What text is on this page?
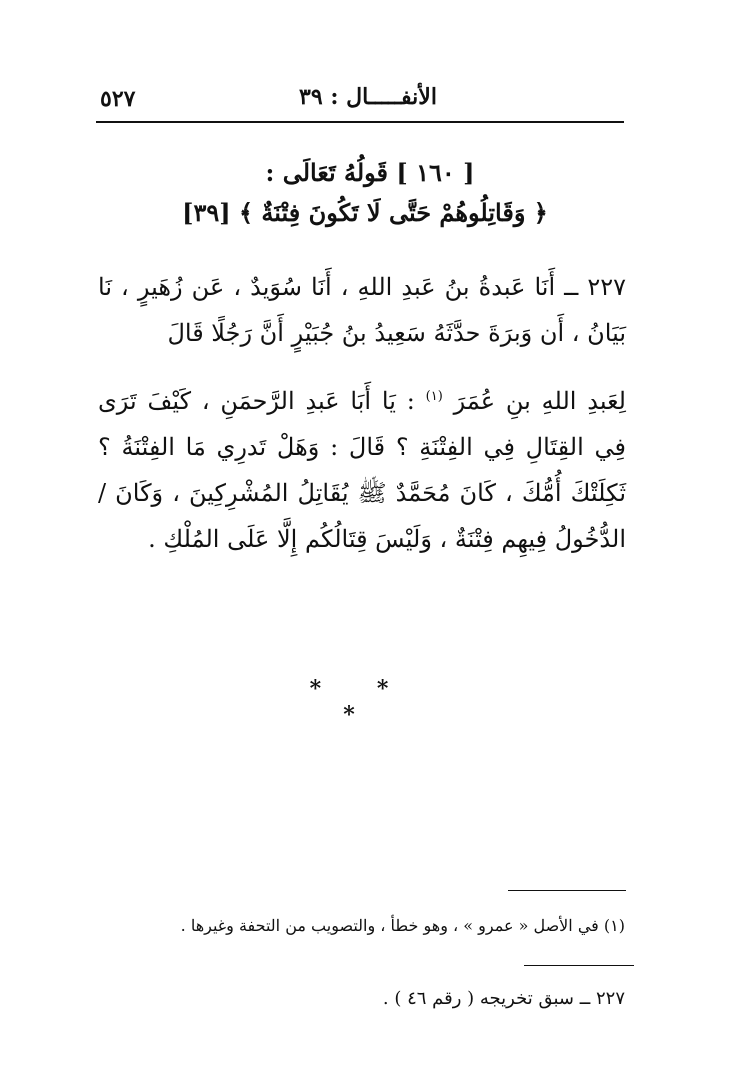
٥٢٧	الأنفـــــال : ٣٩
[ ١٦٠ ] قَولُهُ تَعَالَى :
﴿ وَقَاتِلُوهُمْ حَتَّى لَا تَكُونَ فِتْنَةٌ ﴾ [٣٩]
٢٢٧ ــ أَنَا عَبدةُ بنُ عَبدِ اللهِ ، أَنَا سُوَيدٌ ، عَن زُهَيرٍ ، نَا بَيَانُ ، أَن وَبرَةَ حدَّثَهُ سَعِيدُ بنُ جُبَيْرٍ أَنَّ رَجُلًا قَالَ
لِعَبدِ اللهِ بنِ عُمَرَ $^{(١)}$ : يَا أَبَا عَبدِ الرَّحمَنِ ، كَيْفَ تَرَى فِي القِتَالِ فِي الفِتْنَةِ ؟ قَالَ : وَهَلْ تَدرِي مَا الفِتْنَةُ ؟ ثَكِلَتْكَ أُمُّكَ ، كَانَ مُحَمَّدٌ ﷺ يُقَاتِلُ المُشْرِكِينَ ، وَكَانَ / الدُّخُولُ فِيهِم فِتْنَةٌ ، وَلَيْسَ قِتَالُكُم إِلَّا عَلَى المُلْكِ .
* * *
(١) في الأصل « عمرو » ، وهو خطأ ، والتصويب من التحفة وغيرها .
٢٢٧ ــ سبق تخريجه ( رقم ٤٦ ) .
